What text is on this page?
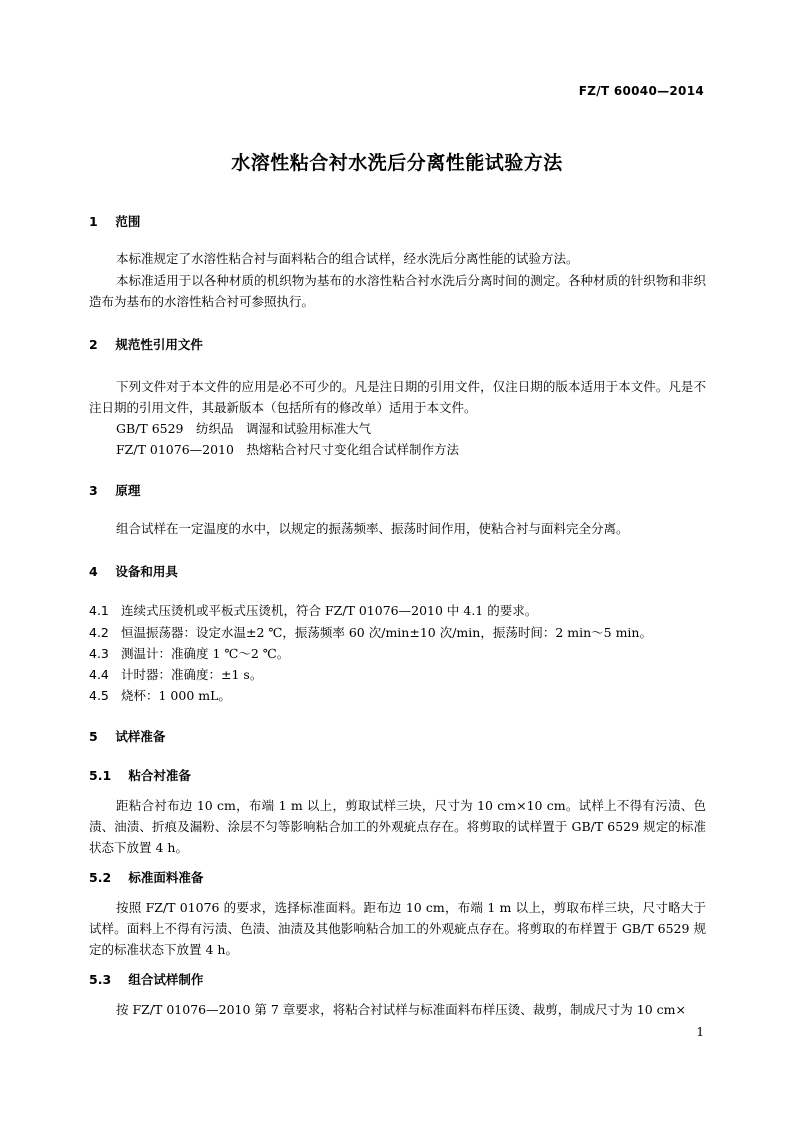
FZ/T 60040—2014
水溶性粘合衬水洗后分离性能试验方法
1 范围
本标准规定了水溶性粘合衬与面料粘合的组合试样，经水洗后分离性能的试验方法。
本标准适用于以各种材质的机织物为基布的水溶性粘合衬水洗后分离时间的测定。各种材质的针织物和非织造布为基布的水溶性粘合衬可参照执行。
2 规范性引用文件
下列文件对于本文件的应用是必不可少的。凡是注日期的引用文件，仅注日期的版本适用于本文件。凡是不注日期的引用文件，其最新版本（包括所有的修改单）适用于本文件。
GB/T 6529　纺织品　调湿和试验用标准大气
FZ/T 01076—2010　热熔粘合衬尺寸变化组合试样制作方法
3 原理
组合试样在一定温度的水中，以规定的振荡频率、振荡时间作用，使粘合衬与面料完全分离。
4 设备和用具
4.1 连续式压烫机或平板式压烫机，符合 FZ/T 01076—2010 中 4.1 的要求。
4.2 恒温振荡器：设定水温±2 ℃，振荡频率 60 次/min±10 次/min，振荡时间：2 min～5 min。
4.3 测温计：准确度 1 ℃～2 ℃。
4.4 计时器：准确度：±1 s。
4.5 烧杯：1 000 mL。
5 试样准备
5.1 粘合衬准备
距粘合衬布边 10 cm，布端 1 m 以上，剪取试样三块，尺寸为 10 cm×10 cm。试样上不得有污渍、色渍、油渍、折痕及漏粉、涂层不匀等影响粘合加工的外观疵点存在。将剪取的试样置于 GB/T 6529 规定的标准状态下放置 4 h。
5.2 标准面料准备
按照 FZ/T 01076 的要求，选择标准面料。距布边 10 cm，布端 1 m 以上，剪取布样三块，尺寸略大于试样。面料上不得有污渍、色渍、油渍及其他影响粘合加工的外观疵点存在。将剪取的布样置于 GB/T 6529 规定的标准状态下放置 4 h。
5.3 组合试样制作
按 FZ/T 01076—2010 第 7 章要求，将粘合衬试样与标准面料布样压烫、裁剪，制成尺寸为 10 cm×
1
